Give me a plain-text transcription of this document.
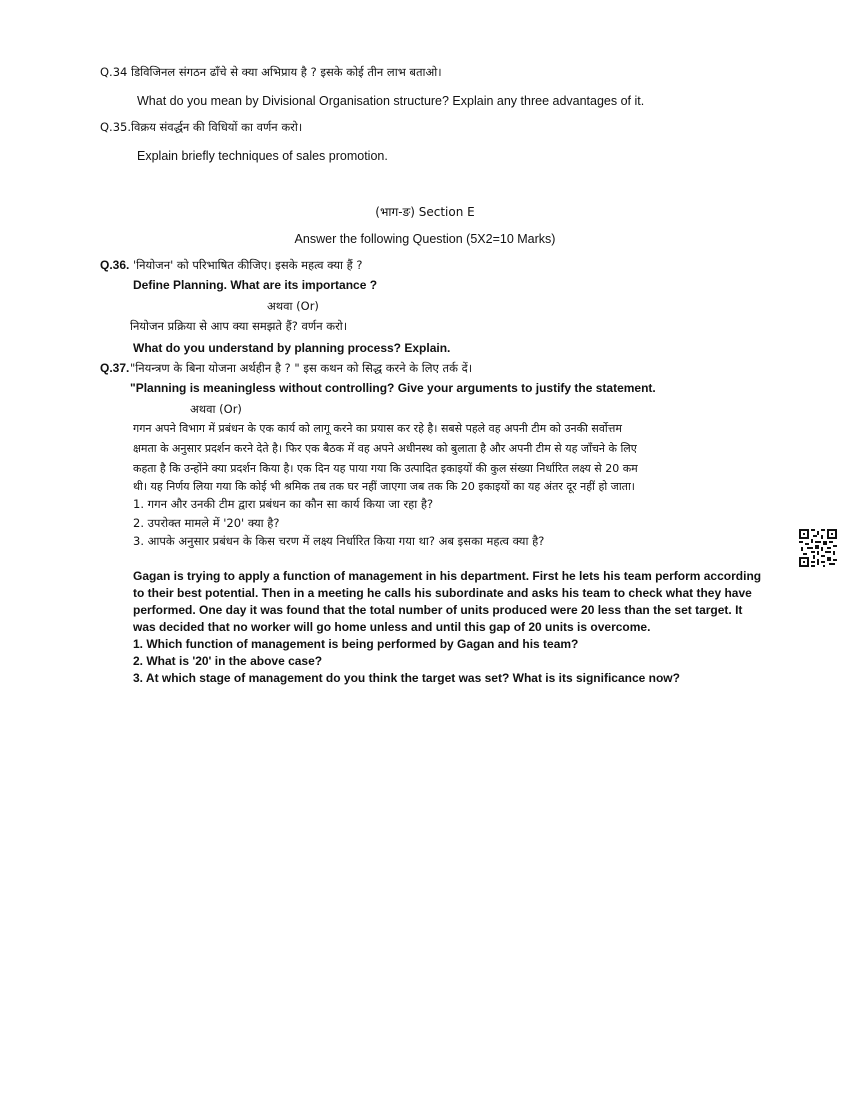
Q.34 डिविजिनल संगठन ढाँचे से क्या अभिप्राय है ? इसके कोई तीन लाभ बताओ।
What do you mean by Divisional Organisation structure? Explain any three advantages of it.
Q.35.विक्रय संवर्द्धन की विधियों का वर्णन करो।
Explain briefly techniques of sales promotion.
(भाग-ङ) Section E
Answer the following Question (5X2=10 Marks)
Q.36. 'नियोजन' को परिभाषित कीजिए। इसके महत्व क्या हैं ?
Define Planning. What are its importance ?
अथवा (Or)
नियोजन प्रक्रिया से आप क्या समझते हैं? वर्णन करो।
What do you understand by planning process? Explain.
Q.37. "नियन्त्रण के बिना योजना अर्थहीन है ? " इस कथन को सिद्ध करने के लिए तर्क दें।
"Planning is meaningless without controlling? Give your arguments to justify the statement.
अथवा (Or)
गगन अपने विभाग में प्रबंधन के एक कार्य को लागू करने का प्रयास कर रहे है। सबसे पहले वह अपनी टीम को उनकी सर्वोत्तम
क्षमता के अनुसार प्रदर्शन करने देते है। फिर एक बैठक में वह अपने अधीनस्थ को बुलाता है और अपनी टीम से यह जाँचने के लिए
कहता है कि उन्होंने क्या प्रदर्शन किया है। एक दिन यह पाया गया कि उत्पादित इकाइयों की कुल संख्या निर्धारित लक्ष्य से 20 कम
थी। यह निर्णय लिया गया कि कोई भी श्रमिक तब तक घर नहीं जाएगा जब तक कि 20 इकाइयों का यह अंतर दूर नहीं हो जाता।
1. गगन और उनकी टीम द्वारा प्रबंधन का कौन सा कार्य किया जा रहा है?
2. उपरोक्त मामले में '20' क्या है?
3. आपके अनुसार प्रबंधन के किस चरण में लक्ष्य निर्धारित किया गया था? अब इसका महत्व क्या है?
Gagan is trying to apply a function of management in his department. First he lets his team perform according
to their best potential. Then in a meeting he calls his subordinate and asks his team to check what they have
performed. One day it was found that the total number of units produced were 20 less than the set target. It
was decided that no worker will go home unless and until this gap of 20 units is overcome.
1. Which function of management is being performed by Gagan and his team?
2. What is '20' in the above case?
3. At which stage of management do you think the target was set? What is its significance now?
